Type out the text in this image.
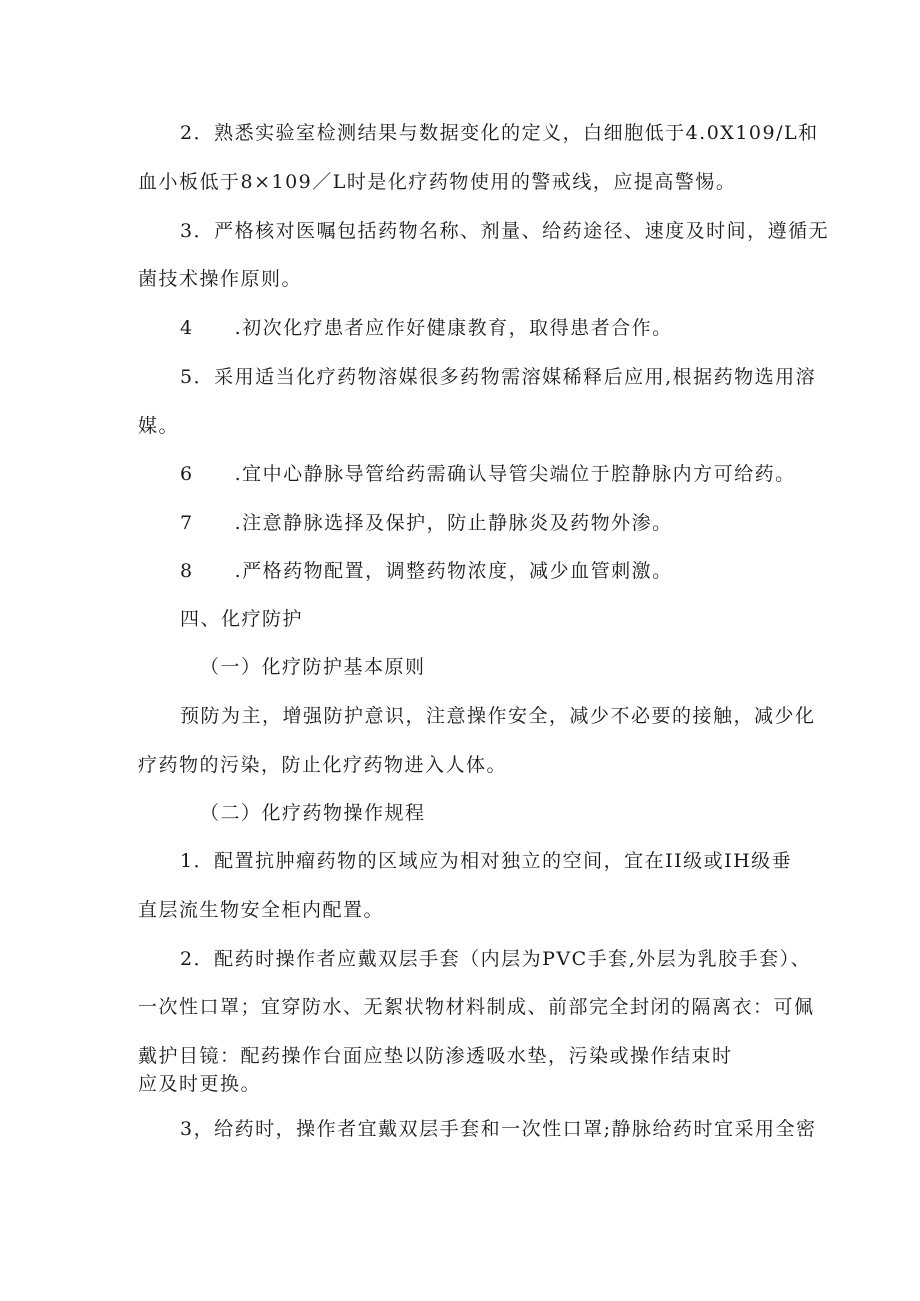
2．熟悉实验室检测结果与数据变化的定义，白细胞低于4.0X109/L和
血小板低于8×109／L时是化疗药物使用的警戒线，应提高警惕。
3．严格核对医嘱包括药物名称、剂量、给药途径、速度及时间，遵循无
菌技术操作原则。
4　　.初次化疗患者应作好健康教育，取得患者合作。
5．采用适当化疗药物溶媒很多药物需溶媒稀释后应用,根据药物选用溶
媒。
6　　.宜中心静脉导管给药需确认导管尖端位于腔静脉内方可给药。
7　　.注意静脉选择及保护，防止静脉炎及药物外渗。
8　　.严格药物配置，调整药物浓度，减少血管刺激。
四、化疗防护
（一）化疗防护基本原则
预防为主，增强防护意识，注意操作安全，减少不必要的接触，减少化
疗药物的污染，防止化疗药物进入人体。
（二）化疗药物操作规程
1．配置抗肿瘤药物的区域应为相对独立的空间，宜在II级或IH级垂
直层流生物安全柜内配置。
2．配药时操作者应戴双层手套（内层为PVC手套,外层为乳胶手套）、
一次性口罩；宜穿防水、无絮状物材料制成、前部完全封闭的隔离衣：可佩
戴护目镜：配药操作台面应垫以防渗透吸水垫，污染或操作结束时
应及时更换。
3，给药时，操作者宜戴双层手套和一次性口罩;静脉给药时宜采用全密
